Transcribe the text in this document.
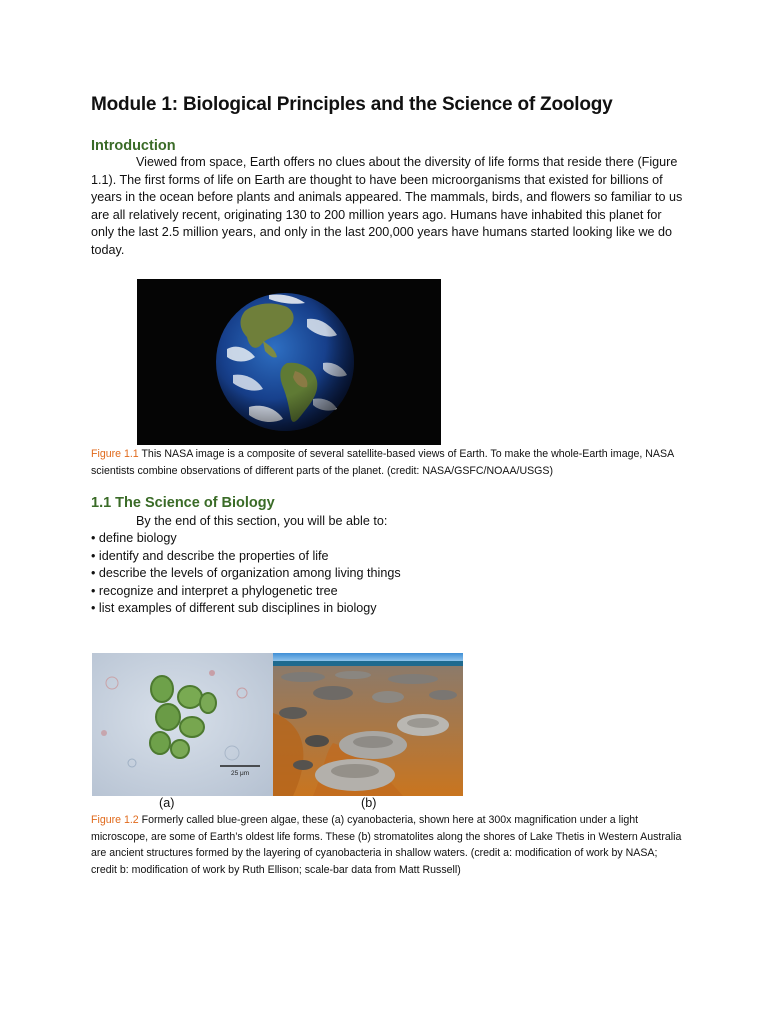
Module 1: Biological Principles and the Science of Zoology
Introduction

Viewed from space, Earth offers no clues about the diversity of life forms that reside there (Figure 1.1). The first forms of life on Earth are thought to have been microorganisms that existed for billions of years in the ocean before plants and animals appeared. The mammals, birds, and flowers so familiar to us are all relatively recent, originating 130 to 200 million years ago. Humans have inhabited this planet for only the last 2.5 million years, and only in the last 200,000 years have humans started looking like we do today.

Figure 1.1 This NASA image is a composite of several satellite-based views of Earth. To make the whole-Earth image, NASA scientists combine observations of different parts of the planet. (credit: NASA/GSFC/NOAA/USGS)

1.1 The Science of Biology

By the end of this section, you will be able to:

• define biology
• identify and describe the properties of life
• describe the levels of organization among living things
• recognize and interpret a phylogenetic tree
• list examples of different sub disciplines in biology
25 μm
(a)	(b)

Figure 1.2 Formerly called blue-green algae, these (a) cyanobacteria, shown here at 300x magnification under a light microscope, are some of Earth’s oldest life forms. These (b) stromatolites along the shores of Lake Thetis in Western Australia are ancient structures formed by the layering of cyanobacteria in shallow waters. (credit a: modification of work by NASA; credit b: modification of work by Ruth Ellison; scale-bar data from Matt Russell)
